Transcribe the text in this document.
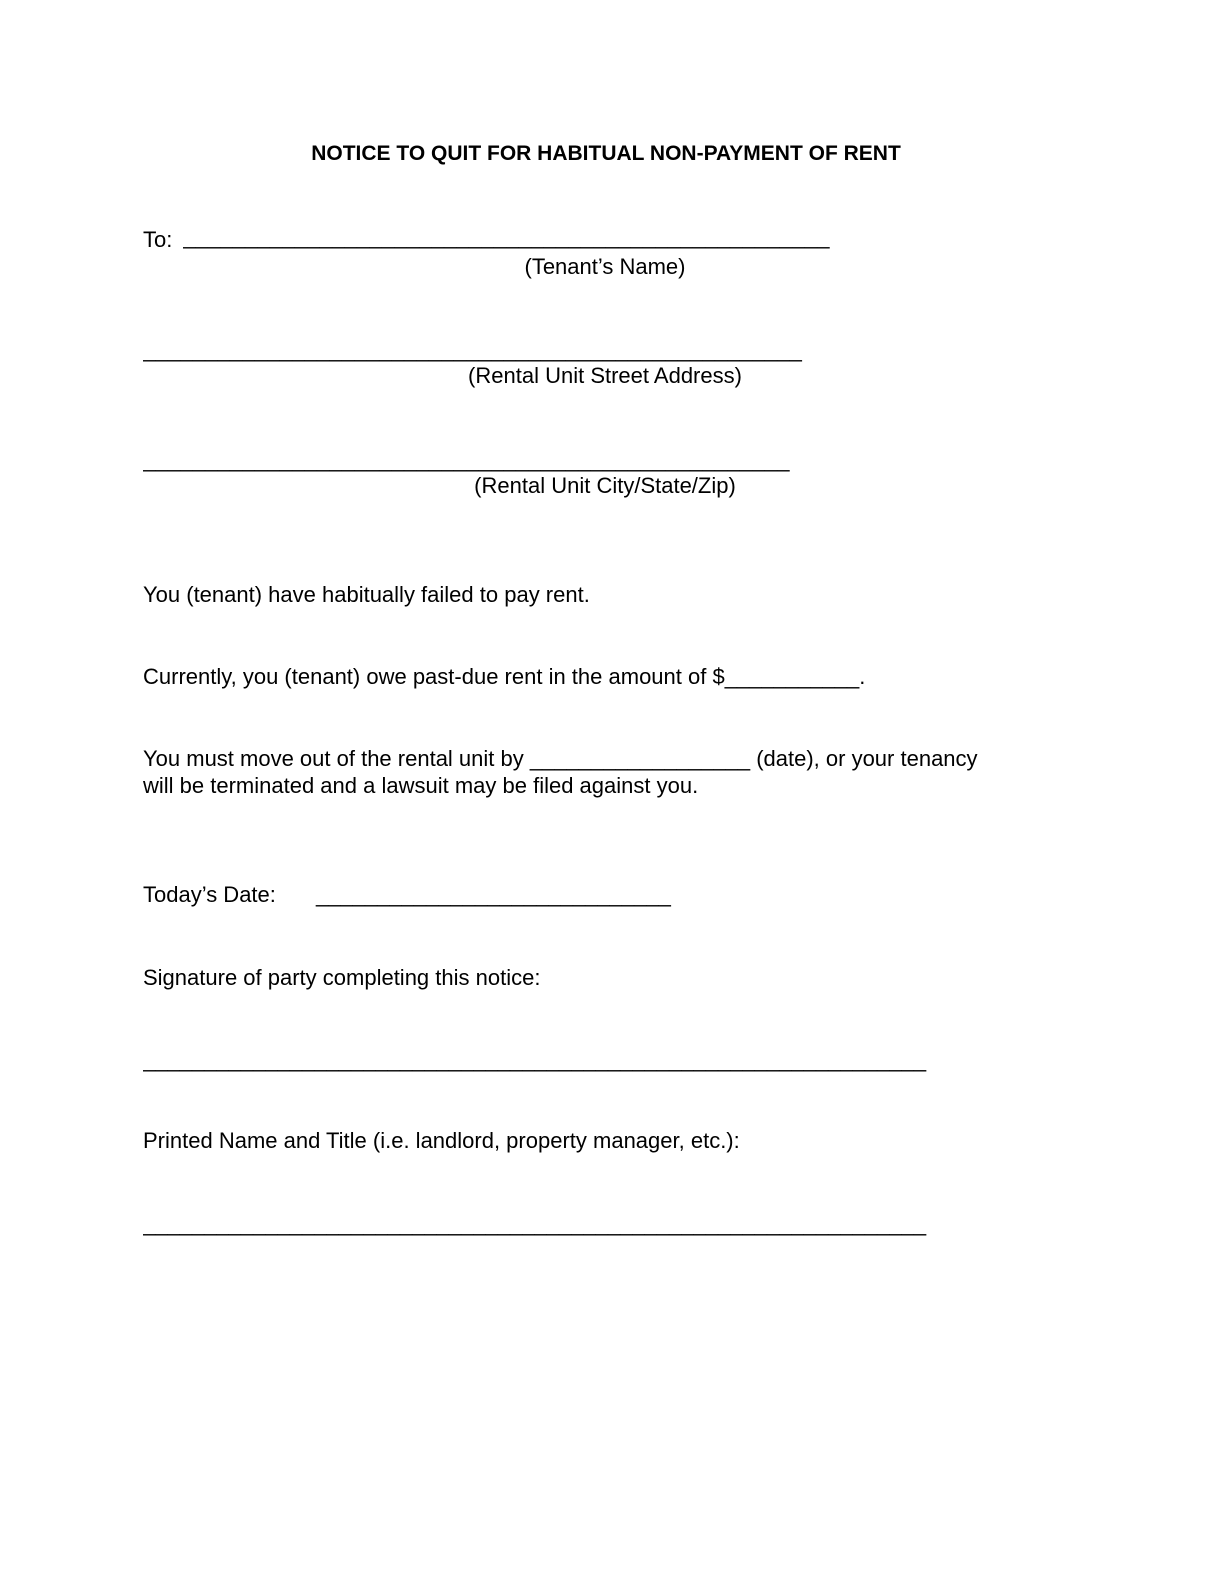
NOTICE TO QUIT FOR HABITUAL NON-PAYMENT OF RENT
To: ____________________________________________________
(Tenant’s Name)
_____________________________________________________
(Rental Unit Street Address)
____________________________________________________
(Rental Unit City/State/Zip)
You (tenant) have habitually failed to pay rent.
Currently, you (tenant) owe past-due rent in the amount of $___________.
You must move out of the rental unit by __________________ (date), or your tenancy
will be terminated and a lawsuit may be filed against you.
Today’s Date: _____________________________
Signature of party completing this notice:
________________________________________________________________
Printed Name and Title (i.e. landlord, property manager, etc.):
________________________________________________________________
